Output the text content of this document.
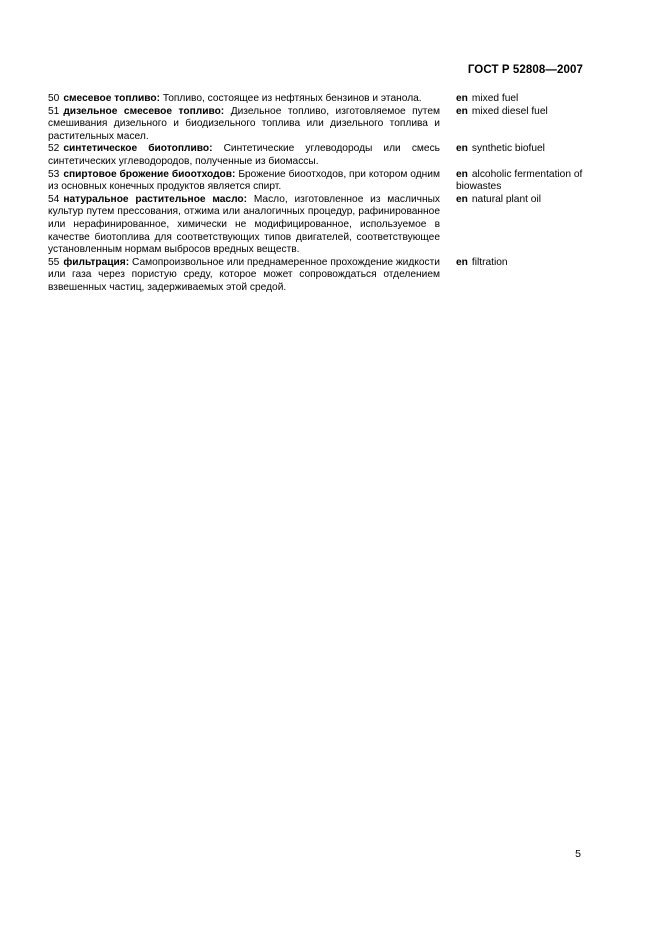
ГОСТ Р 52808—2007
50 смесевое топливо: Топливо, состоящее из нефтяных бензинов и этанола.	en mixed fuel
51 дизельное смесевое топливо: Дизельное топливо, изготовляемое путем смешивания дизельного и биодизельного топлива или дизельного топлива и растительных масел.
en mixed diesel fuel
52 синтетическое биотопливо: Синтетические углеводороды или смесь синтетических углеводородов, полученные из биомассы.
en synthetic biofuel
53 спиртовое брожение биоотходов: Брожение биоотходов, при котором одним из основных конечных продуктов является спирт.
en alcoholic fermentation of biowastes
54 натуральное растительное масло: Масло, изготовленное из масличных культур путем прессования, отжима или аналогичных процедур, рафинированное или нерафинированное, химически не модифицированное, используемое в качестве биотоплива для соответствующих типов двигателей, соответствующее установленным нормам выбросов вредных веществ.
en natural plant oil
55 фильтрация: Самопроизвольное или преднамеренное прохождение жидкости или газа через пористую среду, которое может сопровождаться отделением взвешенных частиц, задерживаемых этой средой.
en filtration
5
